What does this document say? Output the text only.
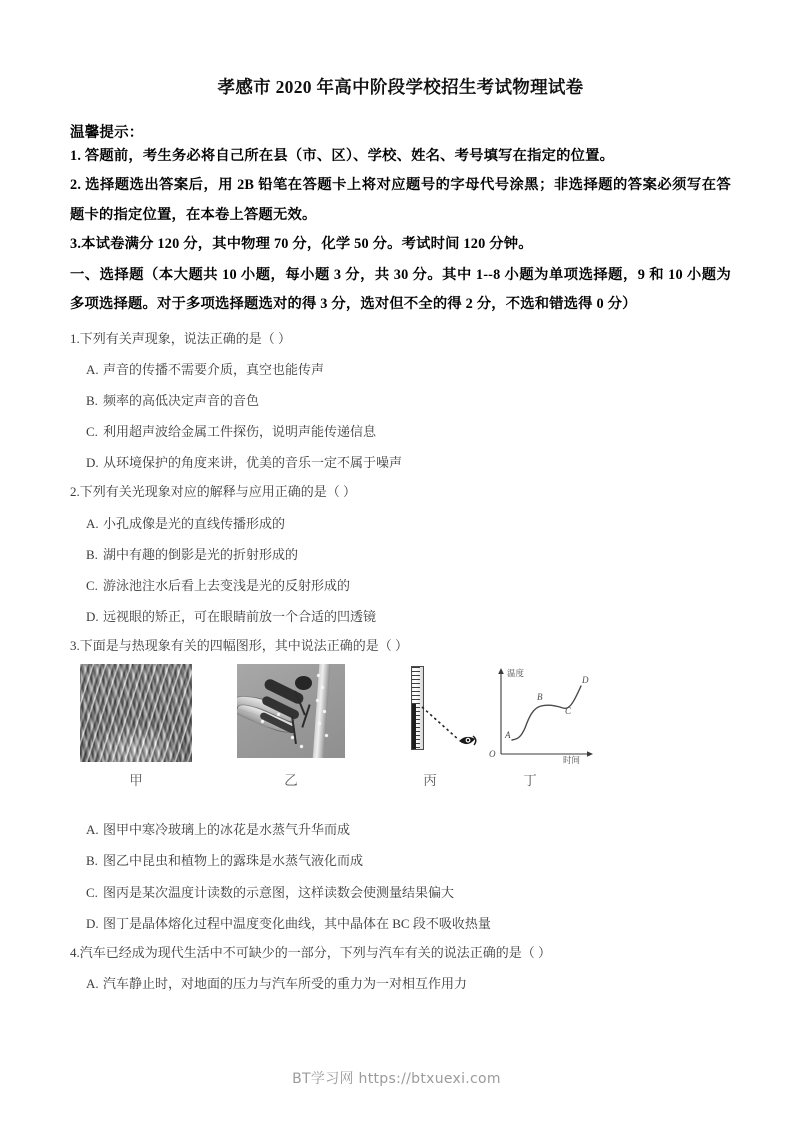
孝感市 2020 年高中阶段学校招生考试物理试卷

温馨提示：

1. 答题前，考生务必将自己所在县（市、区）、学校、姓名、考号填写在指定的位置。

2. 选择题选出答案后，用 2B 铅笔在答题卡上将对应题号的字母代号涂黑；非选择题的答案必须写在答题卡的指定位置，在本卷上答题无效。

3.本试卷满分 120 分，其中物理 70 分，化学 50 分。考试时间 120 分钟。

一、选择题（本大题共 10 小题，每小题 3 分，共 30 分。其中 1--8 小题为单项选择题，9 和 10 小题为多项选择题。对于多项选择题选对的得 3 分，选对但不全的得 2 分，不选和错选得 0 分）

1.下列有关声现象，说法正确的是（ ）

A. 声音的传播不需要介质，真空也能传声

B. 频率的高低决定声音的音色

C. 利用超声波给金属工件探伤，说明声能传递信息

D. 从环境保护的角度来讲，优美的音乐一定不属于噪声

2.下列有关光现象对应的解释与应用正确的是（ ）

A. 小孔成像是光的直线传播形成的

B. 湖中有趣的倒影是光的折射形成的

C. 游泳池注水后看上去变浅是光的反射形成的

D. 远视眼的矫正，可在眼睛前放一个合适的凹透镜

3.下面是与热现象有关的四幅图形，其中说法正确的是（ ）

甲	乙	丙
O
温度
时间
A
B
C
D
丁

A. 图甲中寒冷玻璃上的冰花是水蒸气升华而成

B. 图乙中昆虫和植物上的露珠是水蒸气液化而成

C. 图丙是某次温度计读数的示意图，这样读数会使测量结果偏大

D. 图丁是晶体熔化过程中温度变化曲线，其中晶体在 BC 段不吸收热量

4.汽车已经成为现代生活中不可缺少的一部分，下列与汽车有关的说法正确的是（ ）

A. 汽车静止时，对地面的压力与汽车所受的重力为一对相互作用力

BT学习网 https://btxuexi.com
